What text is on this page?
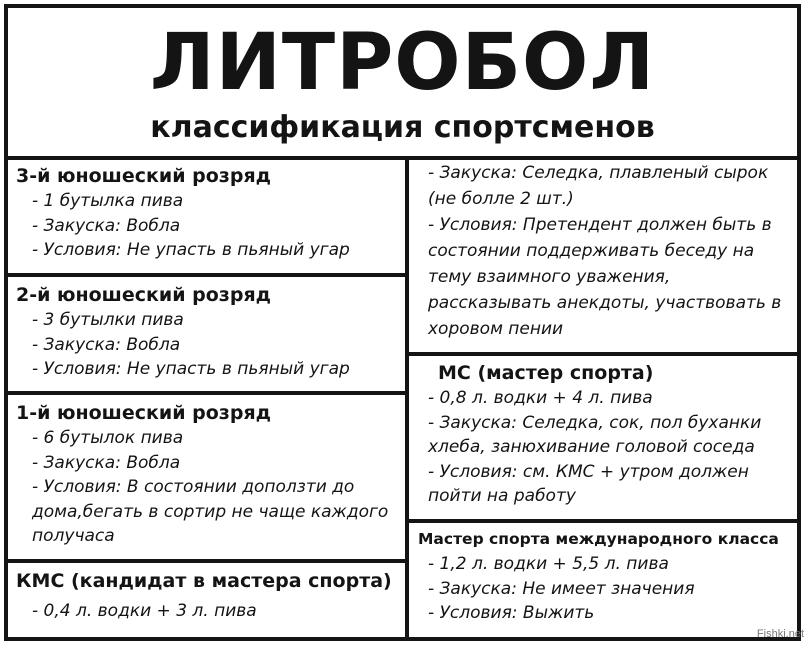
ЛИТРОБОЛ
классификация спортсменов
3-й юношеский розряд
- 1 бутылка пива
- Закуска: Вобла
- Условия: Не упасть в пьяный угар
2-й юношеский розряд
- 3 бутылки пива
- Закуска: Вобла
- Условия: Не упасть в пьяный угар
1-й юношеский розряд
- 6 бутылок пива
- Закуска: Вобла
- Условия: В состоянии доползти до дома,бегать в сортир не чаще каждого получаса
КМС (кандидат в мастера спорта)
- 0,4 л. водки + 3 л. пива
- Закуска: Селедка, плавленый сырок (не болле 2 шт.)
- Условия: Претендент должен быть в состоянии поддерживать беседу на тему взаимного уважения, рассказывать анекдоты, участвовать в хоровом пении
МС (мастер спорта)
- 0,8 л. водки + 4 л. пива
- Закуска: Селедка, сок, пол буханки хлеба, занюхивание головой соседа
- Условия: см. КМС + утром должен пойти на работу
Мастер спорта международного класса
- 1,2 л. водки + 5,5 л. пива
- Закуска: Не имеет значения
- Условия: Выжить
Fishki.net
